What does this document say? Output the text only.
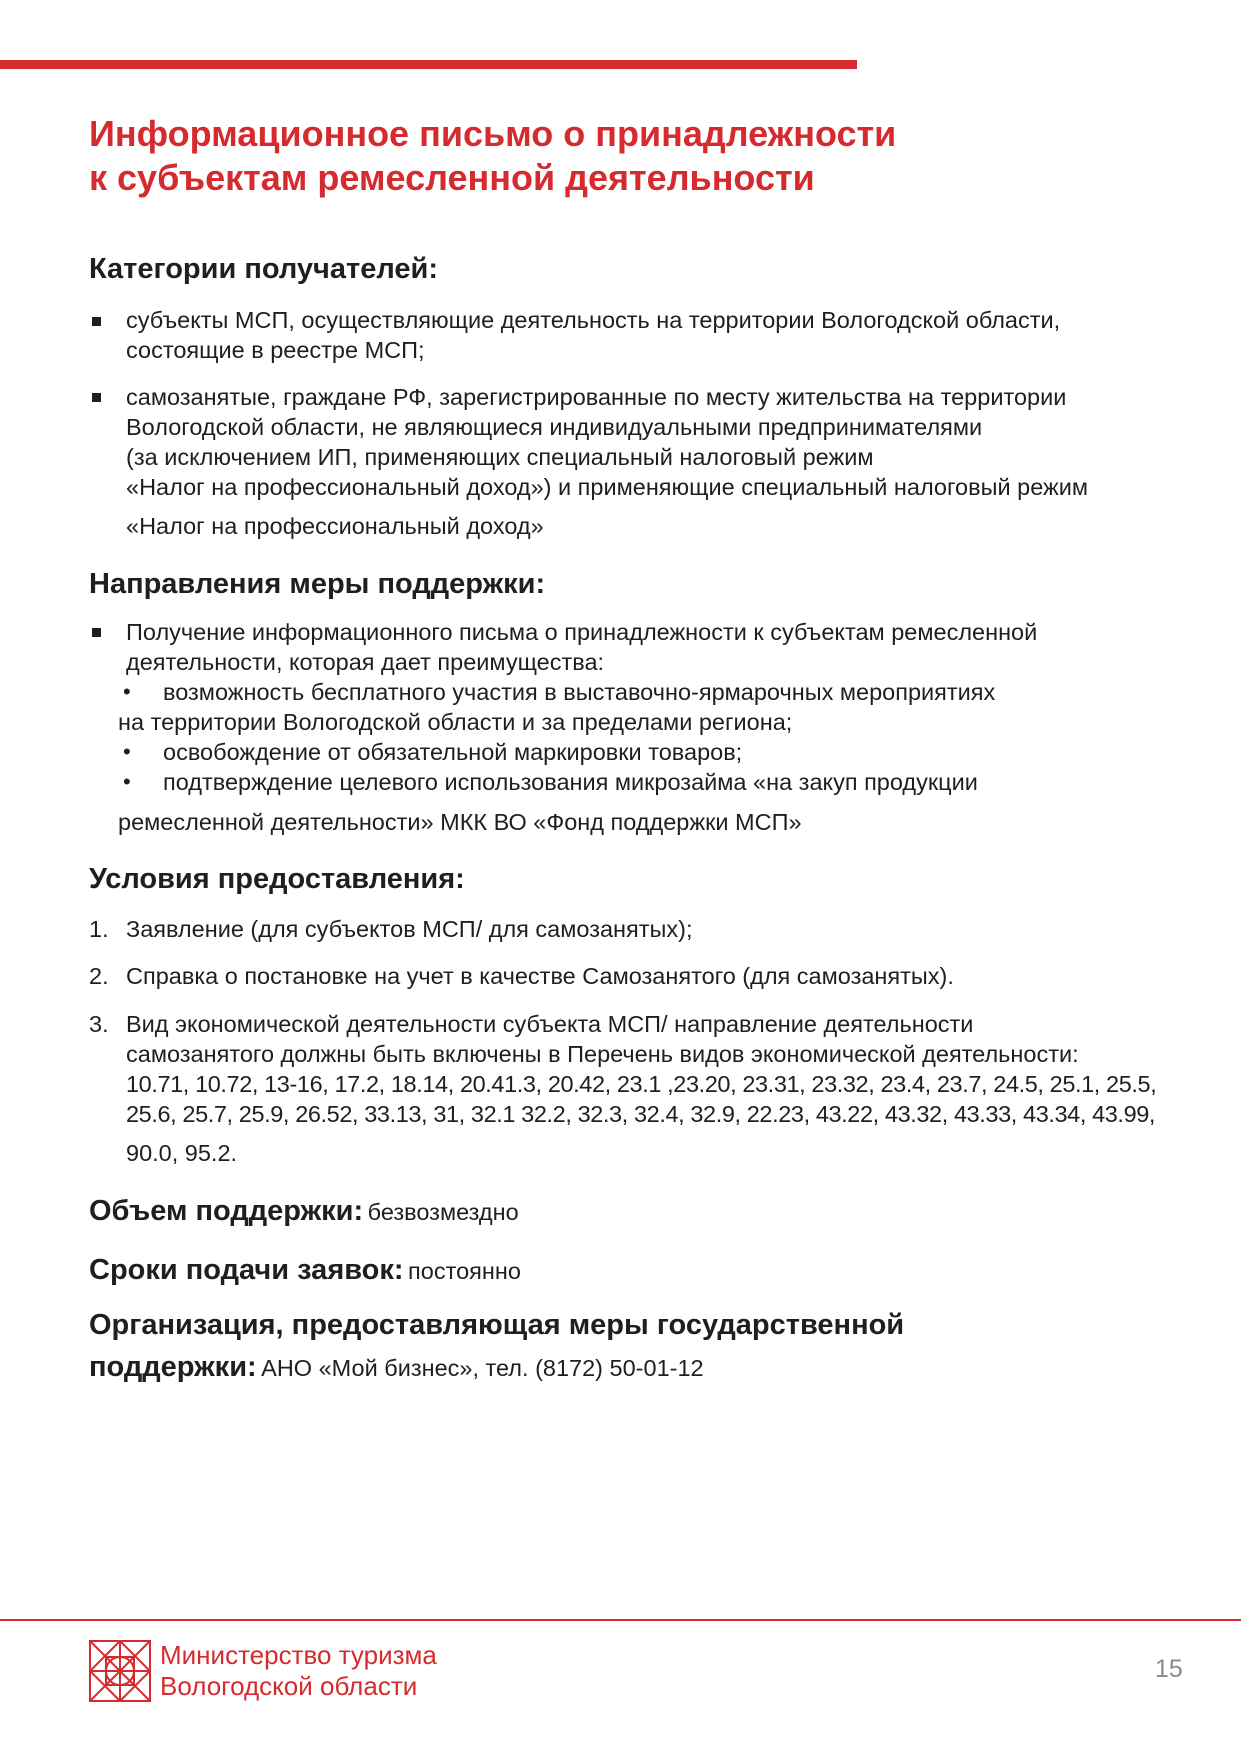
Информационное письмо о принадлежности
к субъектам ремесленной деятельности
Категории получателей:
субъекты МСП, осуществляющие деятельность на территории Вологодской области,
состоящие в реестре МСП;
самозанятые, граждане РФ, зарегистрированные по месту жительства на территории
Вологодской области, не являющиеся индивидуальными предпринимателями
(за исключением ИП, применяющих специальный налоговый режим
«Налог на профессиональный доход») и применяющие специальный налоговый режим
«Налог на профессиональный доход»
Направления меры поддержки:
Получение информационного письма о принадлежности к субъектам ремесленной
деятельности, которая дает преимущества:
• возможность бесплатного участия в выставочно-ярмарочных мероприятиях
на территории Вологодской области и за пределами региона;
• освобождение от обязательной маркировки товаров;
• подтверждение целевого использования микрозайма «на закуп продукции
ремесленной деятельности» МКК ВО «Фонд поддержки МСП»
Условия предоставления:
1. Заявление (для субъектов МСП/ для самозанятых);
2. Справка о постановке на учет в качестве Самозанятого (для самозанятых).
3. Вид экономической деятельности субъекта МСП/ направление деятельности
самозанятого должны быть включены в Перечень видов экономической деятельности:
10.71, 10.72, 13-16, 17.2, 18.14, 20.41.3, 20.42, 23.1 ,23.20, 23.31, 23.32, 23.4, 23.7, 24.5, 25.1, 25.5,
25.6, 25.7, 25.9, 26.52, 33.13, 31, 32.1 32.2, 32.3, 32.4, 32.9, 22.23, 43.22, 43.32, 43.33, 43.34, 43.99,
90.0, 95.2.

Объем поддержки: безвозмездно

Сроки подачи заявок: постоянно

Организация, предоставляющая меры государственной

поддержки: АНО «Мой бизнес», тел. (8172) 50-01-12

Министерство туризма
Вологодской области
15
